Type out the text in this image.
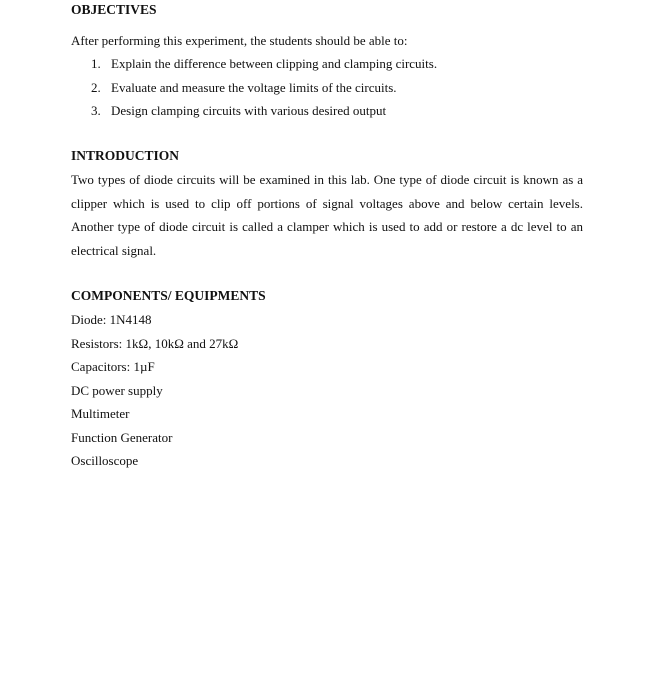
OBJECTIVES

After performing this experiment, the students should be able to:

1. Explain the difference between clipping and clamping circuits.
2. Evaluate and measure the voltage limits of the circuits.
3. Design clamping circuits with various desired output
INTRODUCTION

Two types of diode circuits will be examined in this lab. One type of diode circuit is known as a clipper which is used to clip off portions of signal voltages above and below certain levels. Another type of diode circuit is called a clamper which is used to add or restore a dc level to an electrical signal.

COMPONENTS/ EQUIPMENTS
Diode: 1N4148
Resistors: 1kΩ, 10kΩ and 27kΩ
Capacitors: 1µF
DC power supply
Multimeter
Function Generator
Oscilloscope
